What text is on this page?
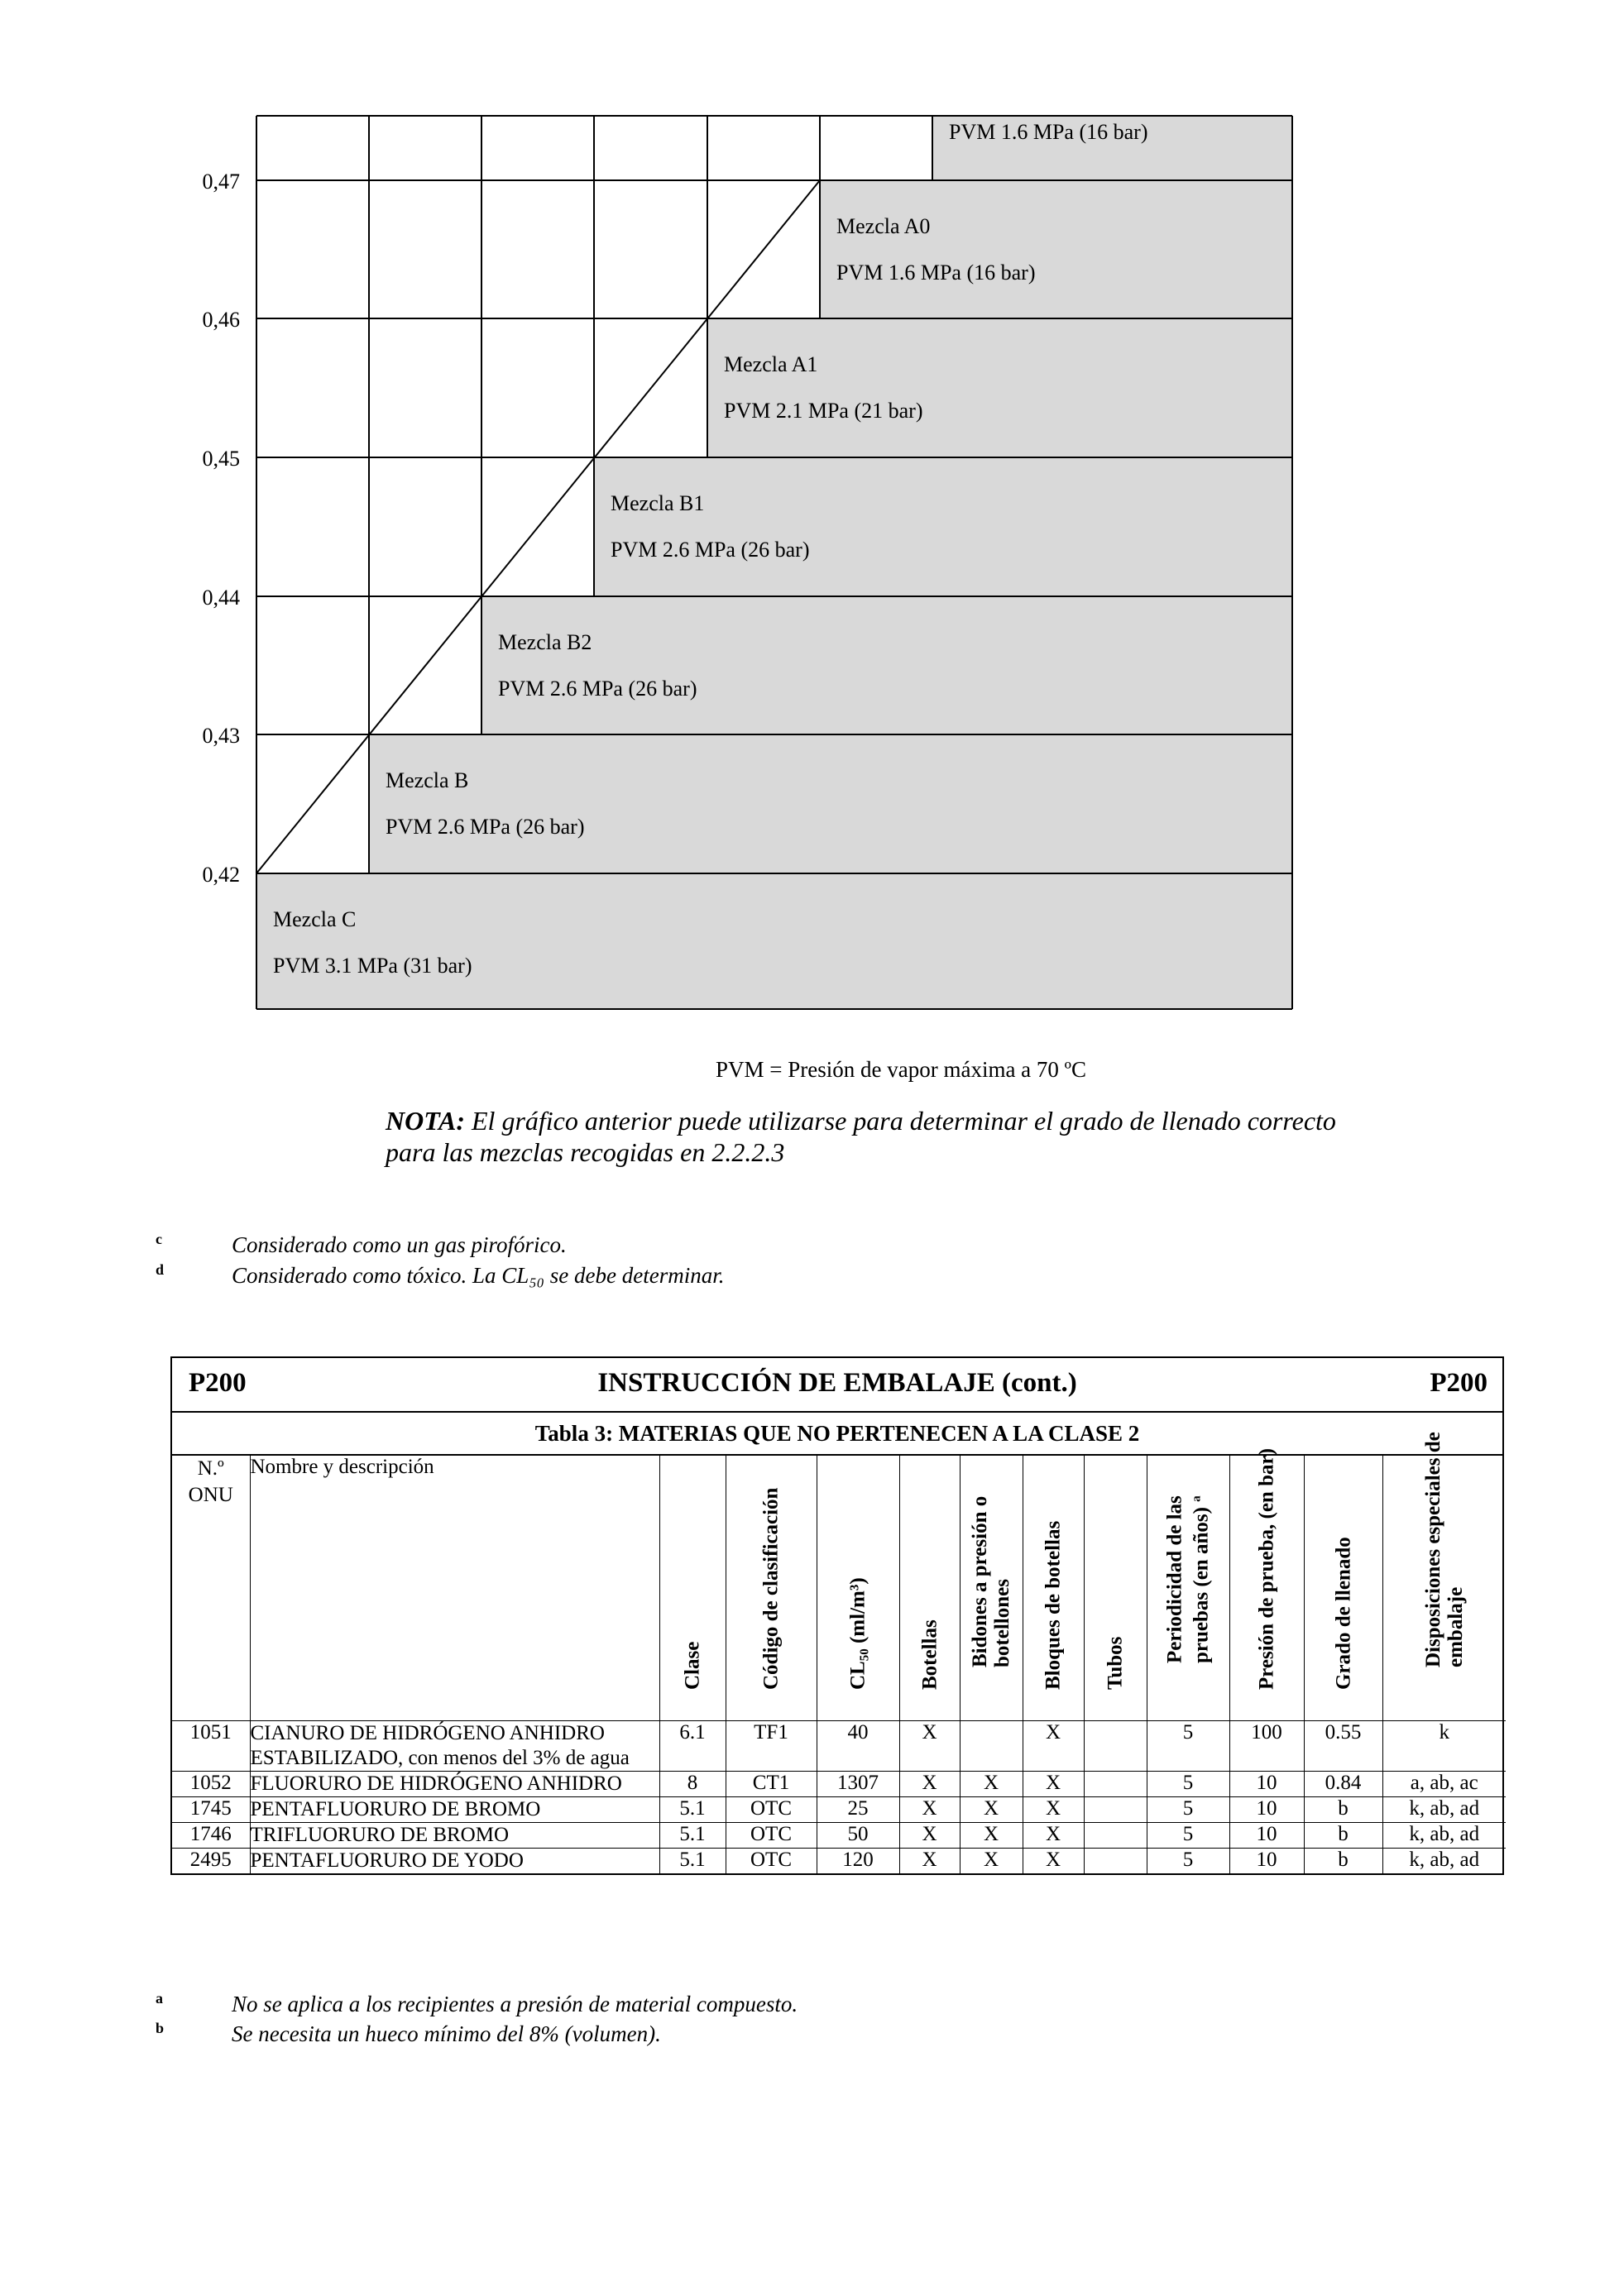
0,47
0,46
0,45
0,44
0,43
0,42
PVM 1.6 MPa (16 bar)
Mezcla A0
PVM 1.6 MPa (16 bar)
Mezcla A1
PVM 2.1 MPa (21 bar)
Mezcla B1
PVM 2.6 MPa (26 bar)
Mezcla B2
PVM 2.6 MPa (26 bar)
Mezcla B
PVM 2.6 MPa (26 bar)
Mezcla C
PVM 3.1 MPa (31 bar)
PVM = Presión de vapor máxima a 70 ºC
NOTA: El gráfico anterior puede utilizarse para determinar el grado de llenado correcto
para las mezclas recogidas en 2.2.2.3
c	Considerado como un gas pirofórico.
d	Considerado como tóxico. La CL₅₀ se debe determinar.
P200	INSTRUCCIÓN DE EMBALAJE (cont.)	P200
Tabla 3: MATERIAS QUE NO PERTENECEN A LA CLASE 2
N.º
ONU	Nombre y descripción	Clase	Código de clasificación	CL₅₀ (ml/m³)	Botellas	Bidones a presión o
botellones	Bloques de botellas	Tubos	Periodicidad de las pruebas (en años) $^a$	Presión de prueba, (en bar)	Grado de llenado	Disposiciones especiales de
embalaje

1051	CIANURO DE HIDRÓGENO ANHIDRO ESTABILIZADO, con menos del 3% de agua	6.1	TF1	40	X		X		5	100	0.55	k
1052	FLUORURO DE HIDRÓGENO ANHIDRO	8	CT1	1307	X	X	X		5	10	0.84	a, ab, ac
1745	PENTAFLUORURO DE BROMO	5.1	OTC	25	X	X	X		5	10	b	k, ab, ad
1746	TRIFLUORURO DE BROMO	5.1	OTC	50	X	X	X		5	10	b	k, ab, ad
2495	PENTAFLUORURO DE YODO	5.1	OTC	120	X	X	X		5	10	b	k, ab, ad
a	No se aplica a los recipientes a presión de material compuesto.
b	Se necesita un hueco mínimo del 8% (volumen).
